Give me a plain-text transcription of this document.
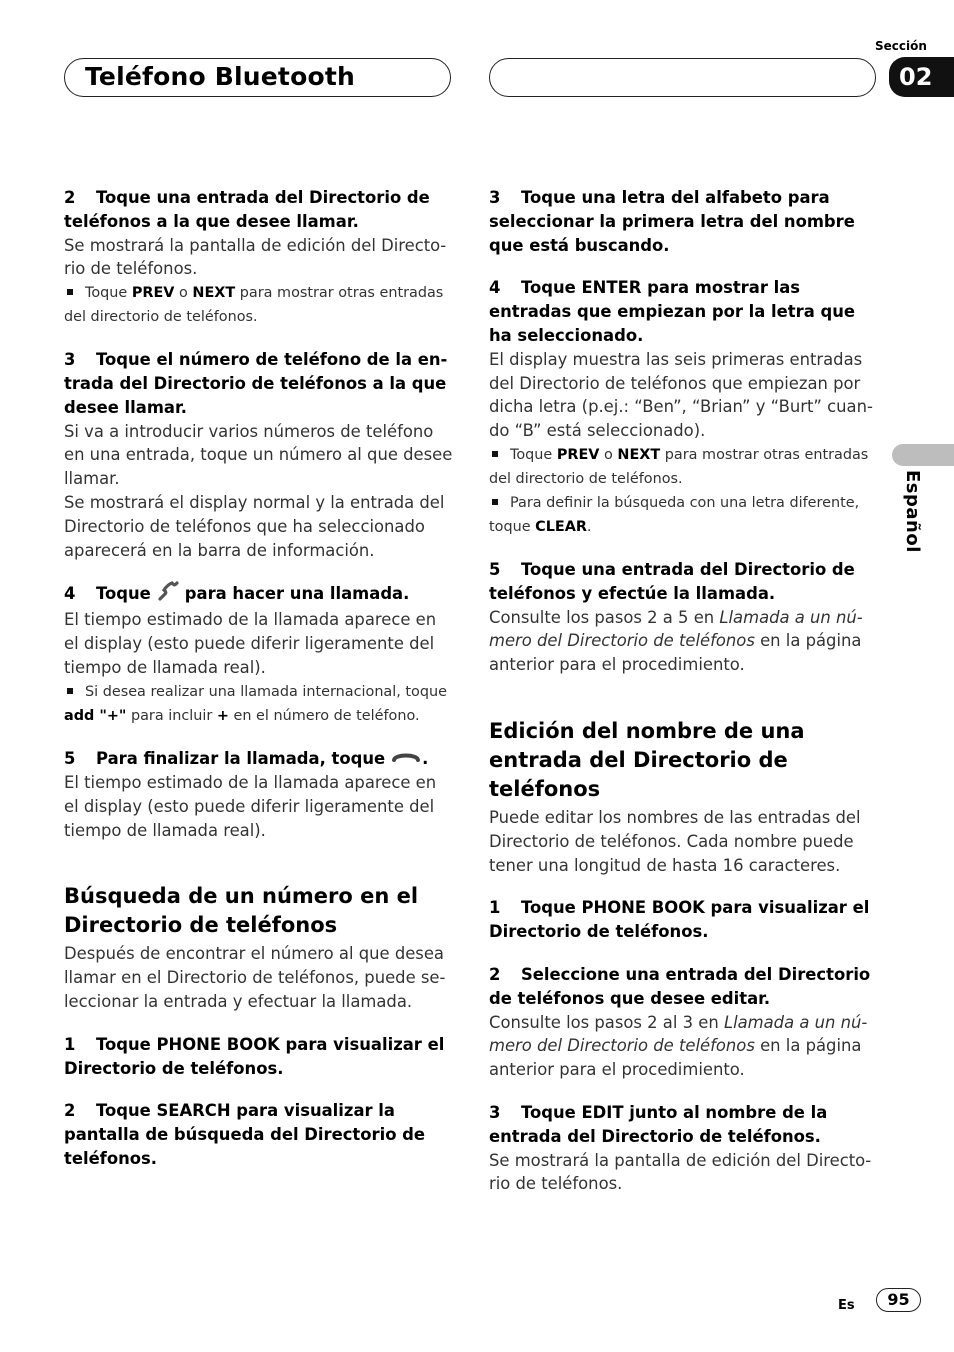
Teléfono Bluetooth
Sección
02
Español
2 Toque una entrada del Directorio de teléfonos a la que desee llamar.
Se mostrará la pantalla de edición del Directorio de teléfonos.
Toque PREV o NEXT para mostrar otras entradas del directorio de teléfonos.
3 Toque el número de teléfono de la entrada del Directorio de teléfonos a la que desee llamar.
Si va a introducir varios números de teléfono en una entrada, toque un número al que desee llamar.
Se mostrará el display normal y la entrada del Directorio de teléfonos que ha seleccionado aparecerá en la barra de información.
4 Toque para hacer una llamada.
El tiempo estimado de la llamada aparece en el display (esto puede diferir ligeramente del tiempo de llamada real).
Si desea realizar una llamada internacional, toque add "+" para incluir + en el número de teléfono.
5 Para finalizar la llamada, toque .
El tiempo estimado de la llamada aparece en el display (esto puede diferir ligeramente del tiempo de llamada real).
Búsqueda de un número en el Directorio de teléfonos
Después de encontrar el número al que desea llamar en el Directorio de teléfonos, puede seleccionar la entrada y efectuar la llamada.
1 Toque PHONE BOOK para visualizar el Directorio de teléfonos.
2 Toque SEARCH para visualizar la pantalla de búsqueda del Directorio de teléfonos.
3 Toque una letra del alfabeto para seleccionar la primera letra del nombre que está buscando.
4 Toque ENTER para mostrar las entradas que empiezan por la letra que ha seleccionado.
El display muestra las seis primeras entradas del Directorio de teléfonos que empiezan por dicha letra (p.ej.: “Ben”, “Brian” y “Burt” cuando “B” está seleccionado).
Toque PREV o NEXT para mostrar otras entradas del directorio de teléfonos.
Para definir la búsqueda con una letra diferente, toque CLEAR.
5 Toque una entrada del Directorio de teléfonos y efectúe la llamada.
Consulte los pasos 2 a 5 en Llamada a un número del Directorio de teléfonos en la página anterior para el procedimiento.
Edición del nombre de una entrada del Directorio de teléfonos
Puede editar los nombres de las entradas del Directorio de teléfonos. Cada nombre puede tener una longitud de hasta 16 caracteres.
1 Toque PHONE BOOK para visualizar el Directorio de teléfonos.
2 Seleccione una entrada del Directorio de teléfonos que desee editar.
Consulte los pasos 2 al 3 en Llamada a un número del Directorio de teléfonos en la página anterior para el procedimiento.
3 Toque EDIT junto al nombre de la entrada del Directorio de teléfonos.
Se mostrará la pantalla de edición del Directorio de teléfonos.
Es	95
